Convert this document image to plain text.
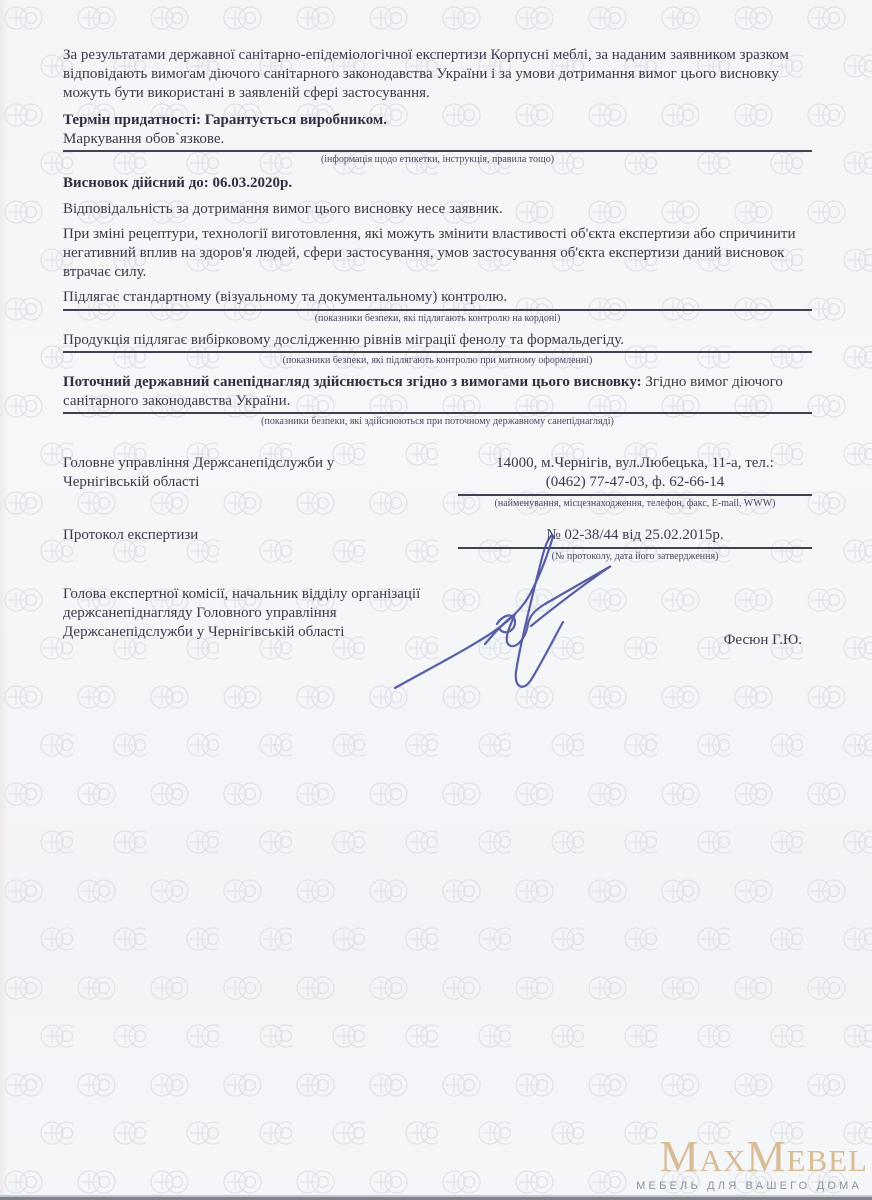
За результатами державної санітарно-епідеміологічної експертизи Корпусні меблі, за наданим заявником зразком відповідають вимогам діючого санітарного законодавства України і за умови дотримання вимог цього висновку можуть бути використані в заявленій сфері застосування.

Термін придатності: Гарантується виробником.

Маркування обов`язкове.
(інформація щодо етикетки, інструкція, правила тощо)

Висновок дійсний до: 06.03.2020р.

Відповідальність за дотримання вимог цього висновку несе заявник.

При зміні рецептури, технології виготовлення, які можуть змінити властивості об'єкта експертизи або спричинити негативний вплив на здоров'я людей, сфери застосування, умов застосування об'єкта експертизи даний висновок втрачає силу.

Підлягає стандартному (візуальному та документальному) контролю.
(показники безпеки, які підлягають контролю на кордоні)
Продукція підлягає вибірковому дослідженню рівнів міграції фенолу та формальдегіду.
(показники безпеки, які підлягають контролю при митному оформленні)
Поточний державний санепіднагляд здійснюється згідно з вимогами цього висновку: Згідно вимог діючого санітарного законодавства України.
(показники безпеки, які здійснюються при поточному державному санепіднагляді)
Головне управління Держсанепідслужби у Чернігівській області
14000, м.Чернігів, вул.Любецька, 11-а, тел.:
(0462) 77-47-03, ф. 62-66-14
(найменування, місцезнаходження, телефон, факс, E-mail, WWW)
Протокол експертизи	№ 02-38/44 від 25.02.2015р.
(№ протоколу, дата його затвердження)
Голова експертної комісії, начальник відділу організації держсанепіднагляду Головного управління Держсанепідслужби у Чернігівській області	Фесюн Г.Ю.
MaxMebel
МЕБЕЛЬ ДЛЯ ВАШЕГО ДОМА
